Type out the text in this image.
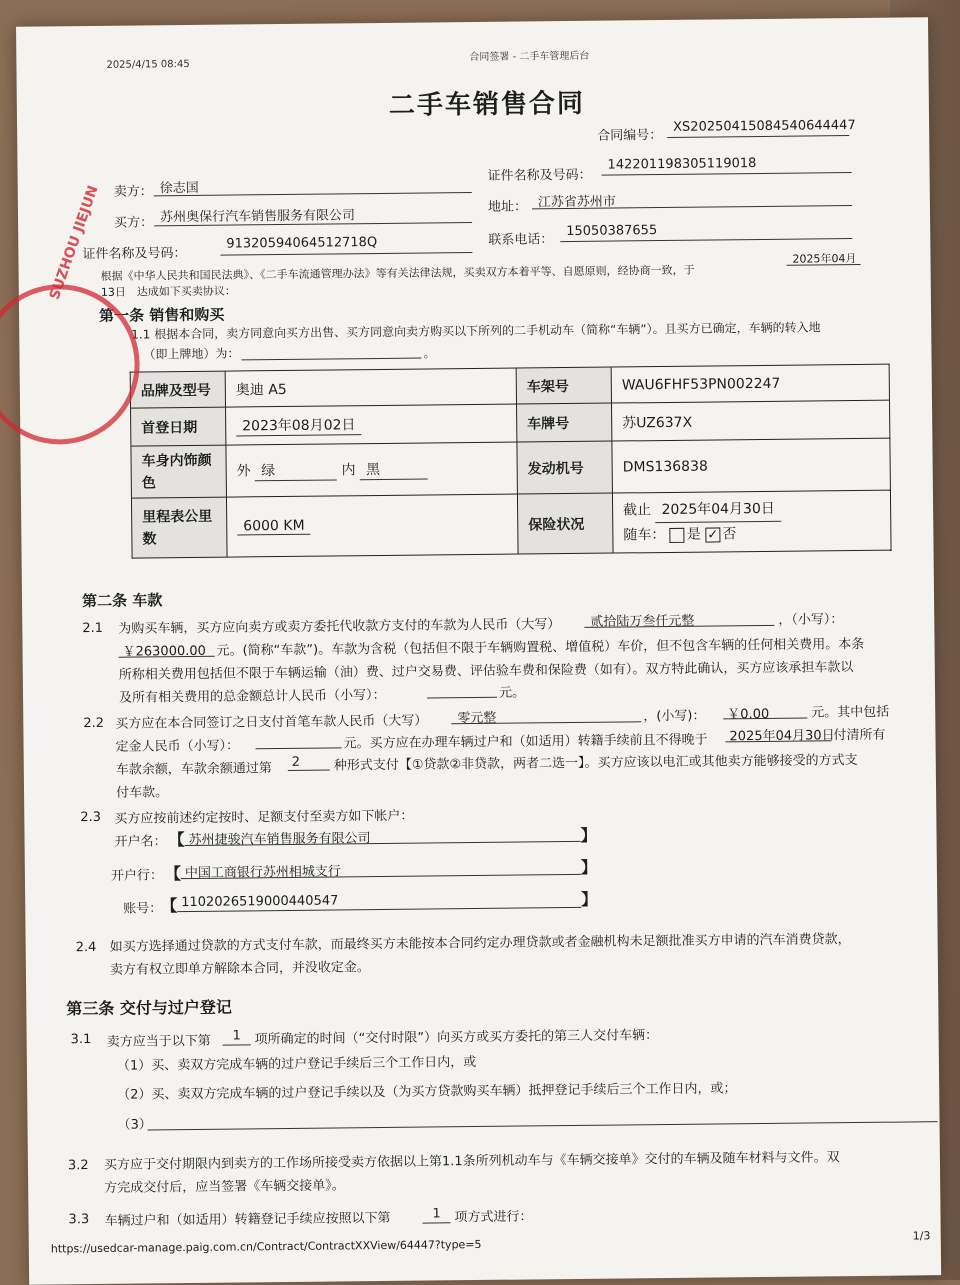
2025/4/15 08:45
合同签署 - 二手车管理后台
二手车销售合同
合同编号：
XS20250415084540644447
卖方： 徐志国
证件名称及号码：
142201198305119018
买方： 苏州奥保行汽车销售服务有限公司
地址： 江苏省苏州市
证件名称及号码：
91320594064512718Q	联系电话：
15050387655
根据《中华人民共和国民法典》、《二手车流通管理办法》等有关法律法规，买卖双方本着平等、自愿原则，经协商一致，于
2025年04月
13日 达成如下买卖协议：
第一条 销售和购买
1.1 根据本合同，卖方同意向买方出售、买方同意向卖方购买以下所列的二手机动车（简称“车辆”）。且买方已确定，车辆的转入地
（即上牌地）为：	。
品牌及型号	奥迪 A5	车架号	WAU6FHF53PN002247
首登日期	2023年08月02日	车牌号	苏UZ637X
车身内饰颜色	外 绿 内 黑	发动机号	DMS136838
里程表公里数	6000 KM	保险状况	截止 2025年04月30日
随车： 是 ✓ 否
SUZHOU JIEJUN
第二条 车款
2.1 为购买车辆，买方应向卖方或卖方委托代收款方支付的车款为人民币（大写） 贰拾陆万叁仟元整	，（小写）：
￥263000.00 元。(简称“车款”)。车款为含税（包括但不限于车辆购置税、增值税）车价，但不包含车辆的任何相关费用。本条
所称相关费用包括但不限于车辆运输（油）费、过户交易费、评估验车费和保险费（如有）。双方特此确认，买方应该承担车款以
及所有相关费用的总金额总计人民币（小写）：	元。
2.2 买方应在本合同签订之日支付首笔车款人民币（大写） 零元整	，(小写)： ￥0.00	元。其中包括
定金人民币（小写）：	元。买方应在办理车辆过户和（如适用）转籍手续前且不得晚于 2025年04月30日
付清所有
车款余额，车款余额通过第 2	种形式支付【①贷款②非贷款，两者二选一】。买方应该以电汇或其他卖方能够接受的方式支
付车款。
2.3 买方应按前述约定按时、足额支付至卖方如下帐户：
开户名： 【 苏州捷骏汽车销售服务有限公司	】
开户行： 【 中国工商银行苏州相城支行	】
账号：
【 1102026519000440547	】
2.4 如买方选择通过贷款的方式支付车款，而最终买方未能按本合同约定办理贷款或者金融机构未足额批准买方申请的汽车消费贷款，
卖方有权立即单方解除本合同，并没收定金。
第三条 交付与过户登记
3.1 卖方应当于以下第 1 项所确定的时间（“交付时限”）向买方或买方委托的第三人交付车辆：
（1）买、卖双方完成车辆的过户登记手续后三个工作日内，或
（2）买、卖双方完成车辆的过户登记手续以及（为买方贷款购买车辆）抵押登记手续后三个工作日内，或；
（3）
3.2 买方应于交付期限内到卖方的工作场所接受卖方依据以上第1.1条所列机动车与《车辆交接单》交付的车辆及随车材料与文件。双
方完成交付后，应当签署《车辆交接单》。
3.3 车辆过户和（如适用）转籍登记手续应按照以下第	1 项方式进行：
https://usedcar-manage.paig.com.cn/Contract/ContractXXView/64447?type=5
1/3
